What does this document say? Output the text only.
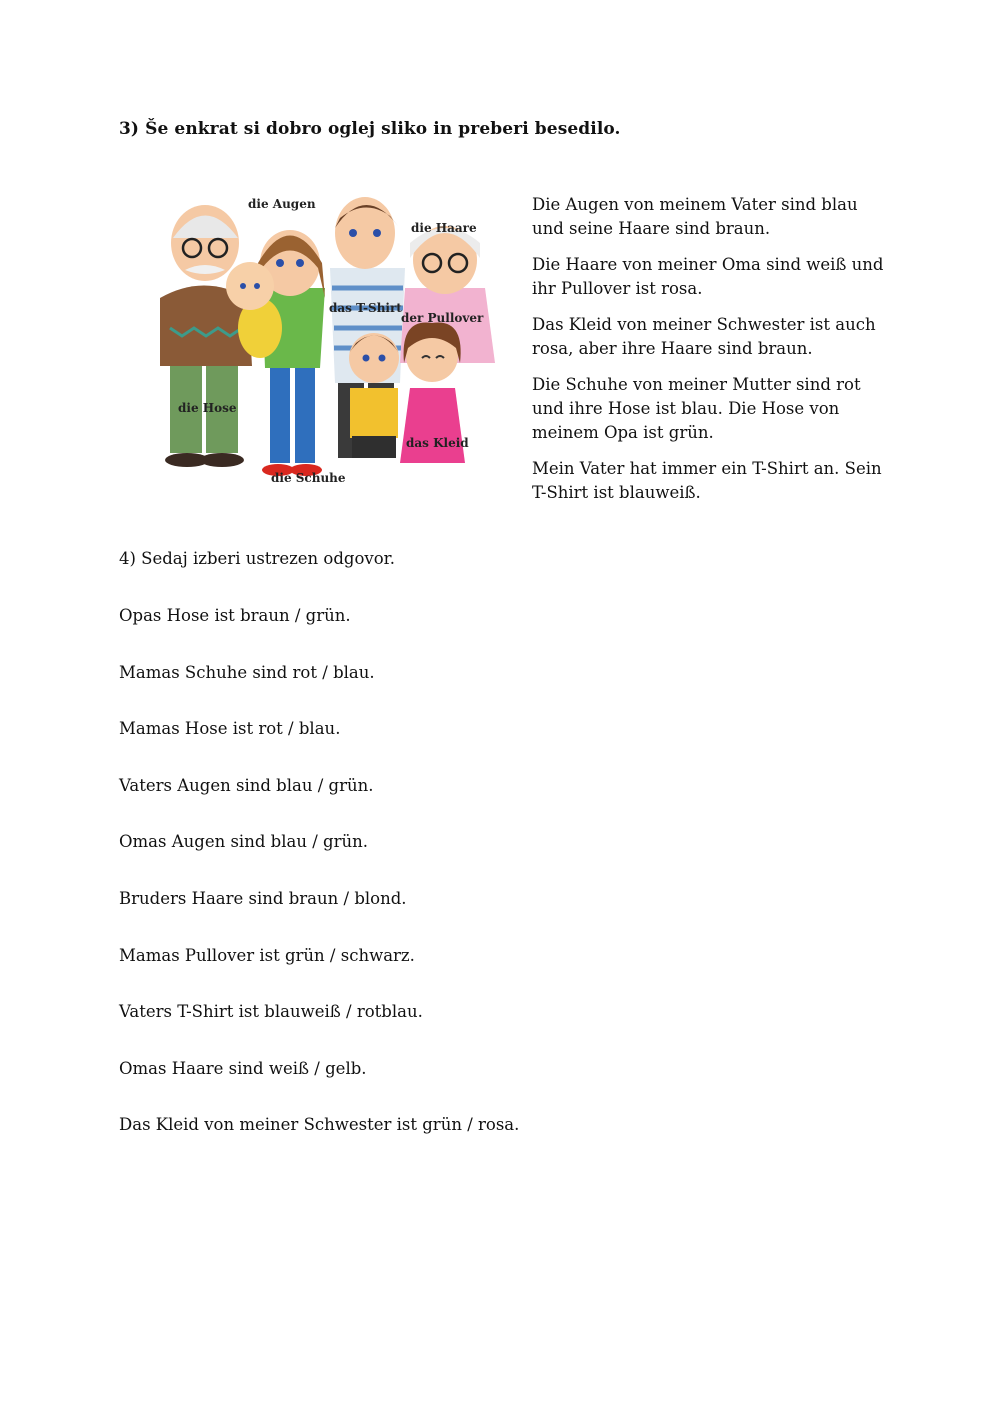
3) Še enkrat si dobro oglej sliko in preberi besedilo.
die Augen
die Haare
das T-Shirt
der Pullover
die Hose
das Kleid
die Schuhe

Die Augen von meinem Vater sind blau und seine Haare sind braun.

Die Haare von meiner Oma sind weiß und ihr Pullover ist rosa.

Das Kleid von meiner Schwester ist auch rosa, aber ihre Haare sind braun.

Die Schuhe von meiner Mutter sind rot und ihre Hose ist blau. Die Hose von meinem Opa ist grün.

Mein Vater hat immer ein T-Shirt an. Sein T-Shirt ist blauweiß.

4) Sedaj izberi ustrezen odgovor.
Opas Hose ist braun / grün.
Mamas Schuhe sind rot / blau.
Mamas Hose ist rot / blau.
Vaters Augen sind blau / grün.
Omas Augen sind blau / grün.
Bruders Haare sind braun / blond.
Mamas Pullover ist grün / schwarz.
Vaters T-Shirt ist blauweiß / rotblau.
Omas Haare sind weiß / gelb.
Das Kleid von meiner Schwester ist grün / rosa.
